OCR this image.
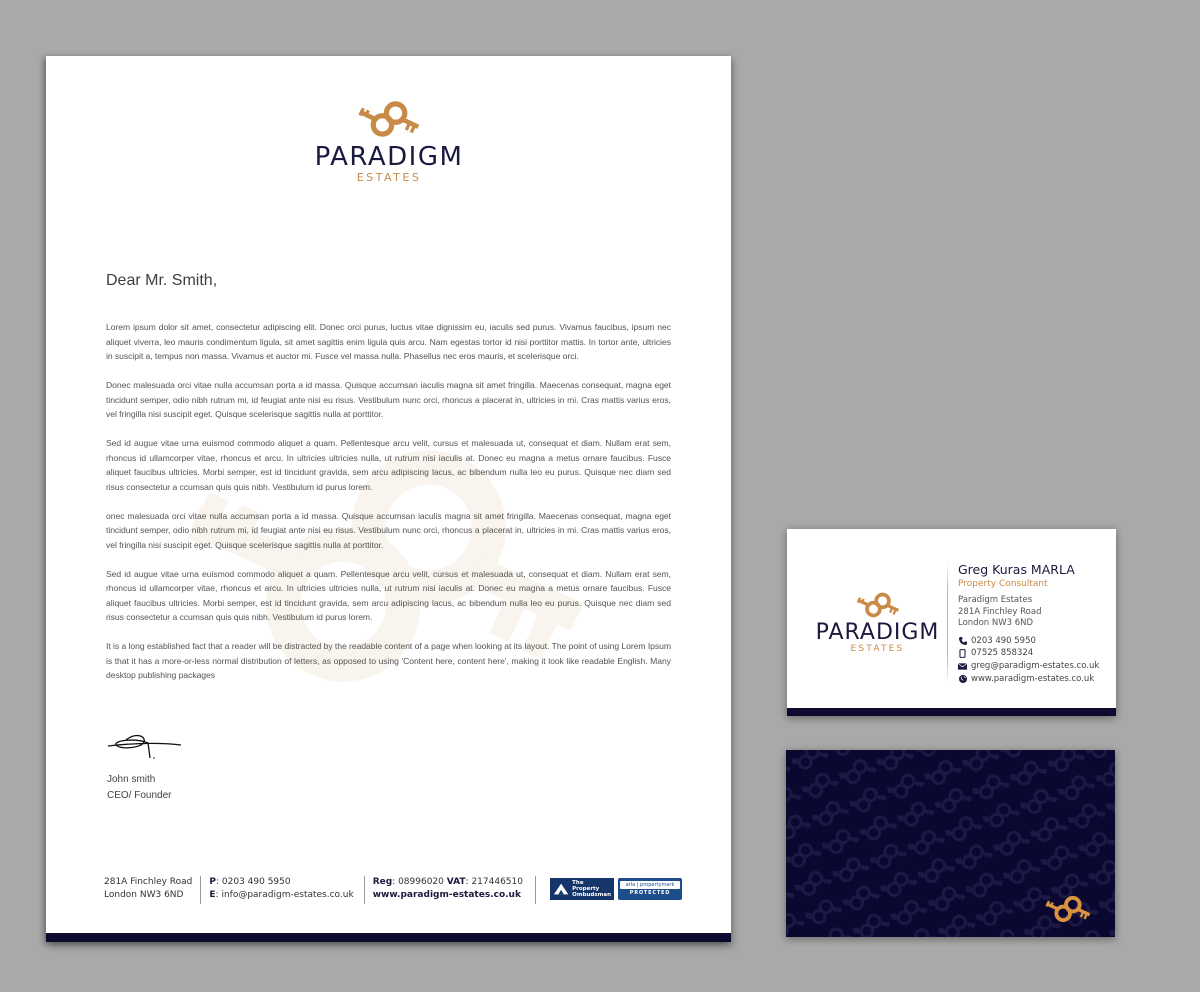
PARADIGM
ESTATES
Dear Mr. Smith,

Lorem ipsum dolor sit amet, consectetur adipiscing elit. Donec orci purus, luctus vitae dignissim eu, iaculis sed purus. Vivamus faucibus, ipsum nec aliquet viverra, leo mauris condimentum ligula, sit amet sagittis enim ligula quis arcu. Nam egestas tortor id nisi porttitor mattis. In tortor ante, ultricies in suscipit a, tempus non massa. Vivamus et auctor mi. Fusce vel massa nulla. Phasellus nec eros mauris, et scelerisque orci.

Donec malesuada orci vitae nulla accumsan porta a id massa. Quisque accumsan iaculis magna sit amet fringilla. Maecenas consequat, magna eget tincidunt semper, odio nibh rutrum mi, id feugiat ante nisi eu risus. Vestibulum nunc orci, rhoncus a placerat in, ultricies in mi. Cras mattis varius eros, vel fringilla nisi suscipit eget. Quisque scelerisque sagittis nulla at porttitor.

Sed id augue vitae urna euismod commodo aliquet a quam. Pellentesque arcu velit, cursus et malesuada ut, consequat et diam. Nullam erat sem, rhoncus id ullamcorper vitae, rhoncus et arcu. In ultricies ultricies nulla, ut rutrum nisi iaculis at. Donec eu magna a metus ornare faucibus. Fusce aliquet faucibus ultricies. Morbi semper, est id tincidunt gravida, sem arcu adipiscing lacus, ac bibendum nulla leo eu purus. Quisque nec diam sed risus consectetur a ccumsan quis quis nibh. Vestibulum id purus lorem.

onec malesuada orci vitae nulla accumsan porta a id massa. Quisque accumsan iaculis magna sit amet fringilla. Maecenas consequat, magna eget tincidunt semper, odio nibh rutrum mi, id feugiat ante nisi eu risus. Vestibulum nunc orci, rhoncus a placerat in, ultricies in mi. Cras mattis varius eros, vel fringilla nisi suscipit eget. Quisque scelerisque sagittis nulla at porttitor.

Sed id augue vitae urna euismod commodo aliquet a quam. Pellentesque arcu velit, cursus et malesuada ut, consequat et diam. Nullam erat sem, rhoncus id ullamcorper vitae, rhoncus et arcu. In ultricies ultricies nulla, ut rutrum nisi iaculis at. Donec eu magna a metus ornare faucibus. Fusce aliquet faucibus ultricies. Morbi semper, est id tincidunt gravida, sem arcu adipiscing lacus, ac bibendum nulla leo eu purus. Quisque nec diam sed risus consectetur a ccumsan quis quis nibh. Vestibulum id purus lorem.

It is a long established fact that a reader will be distracted by the readable content of a page when looking at its layout. The point of using Lorem Ipsum is that it has a more-or-less normal distribution of letters, as opposed to using 'Content here, content here', making it look like readable English. Many desktop publishing packages

John smith
CEO/ Founder
281A Finchley Road
London NW3 6ND
P: 0203 490 5950
E: info@paradigm-estates.co.uk
Reg: 08996020 VAT: 217446510
www.paradigm-estates.co.uk
The Property
Ombudsman
arla | propertymark
PROTECTED
PARADIGM
ESTATES
Greg Kuras MARLA
Property Consultant
Paradigm Estates
281A Finchley Road
London NW3 6ND
0203 490 5950
07525 858324
greg@paradigm-estates.co.uk
www.paradigm-estates.co.uk
